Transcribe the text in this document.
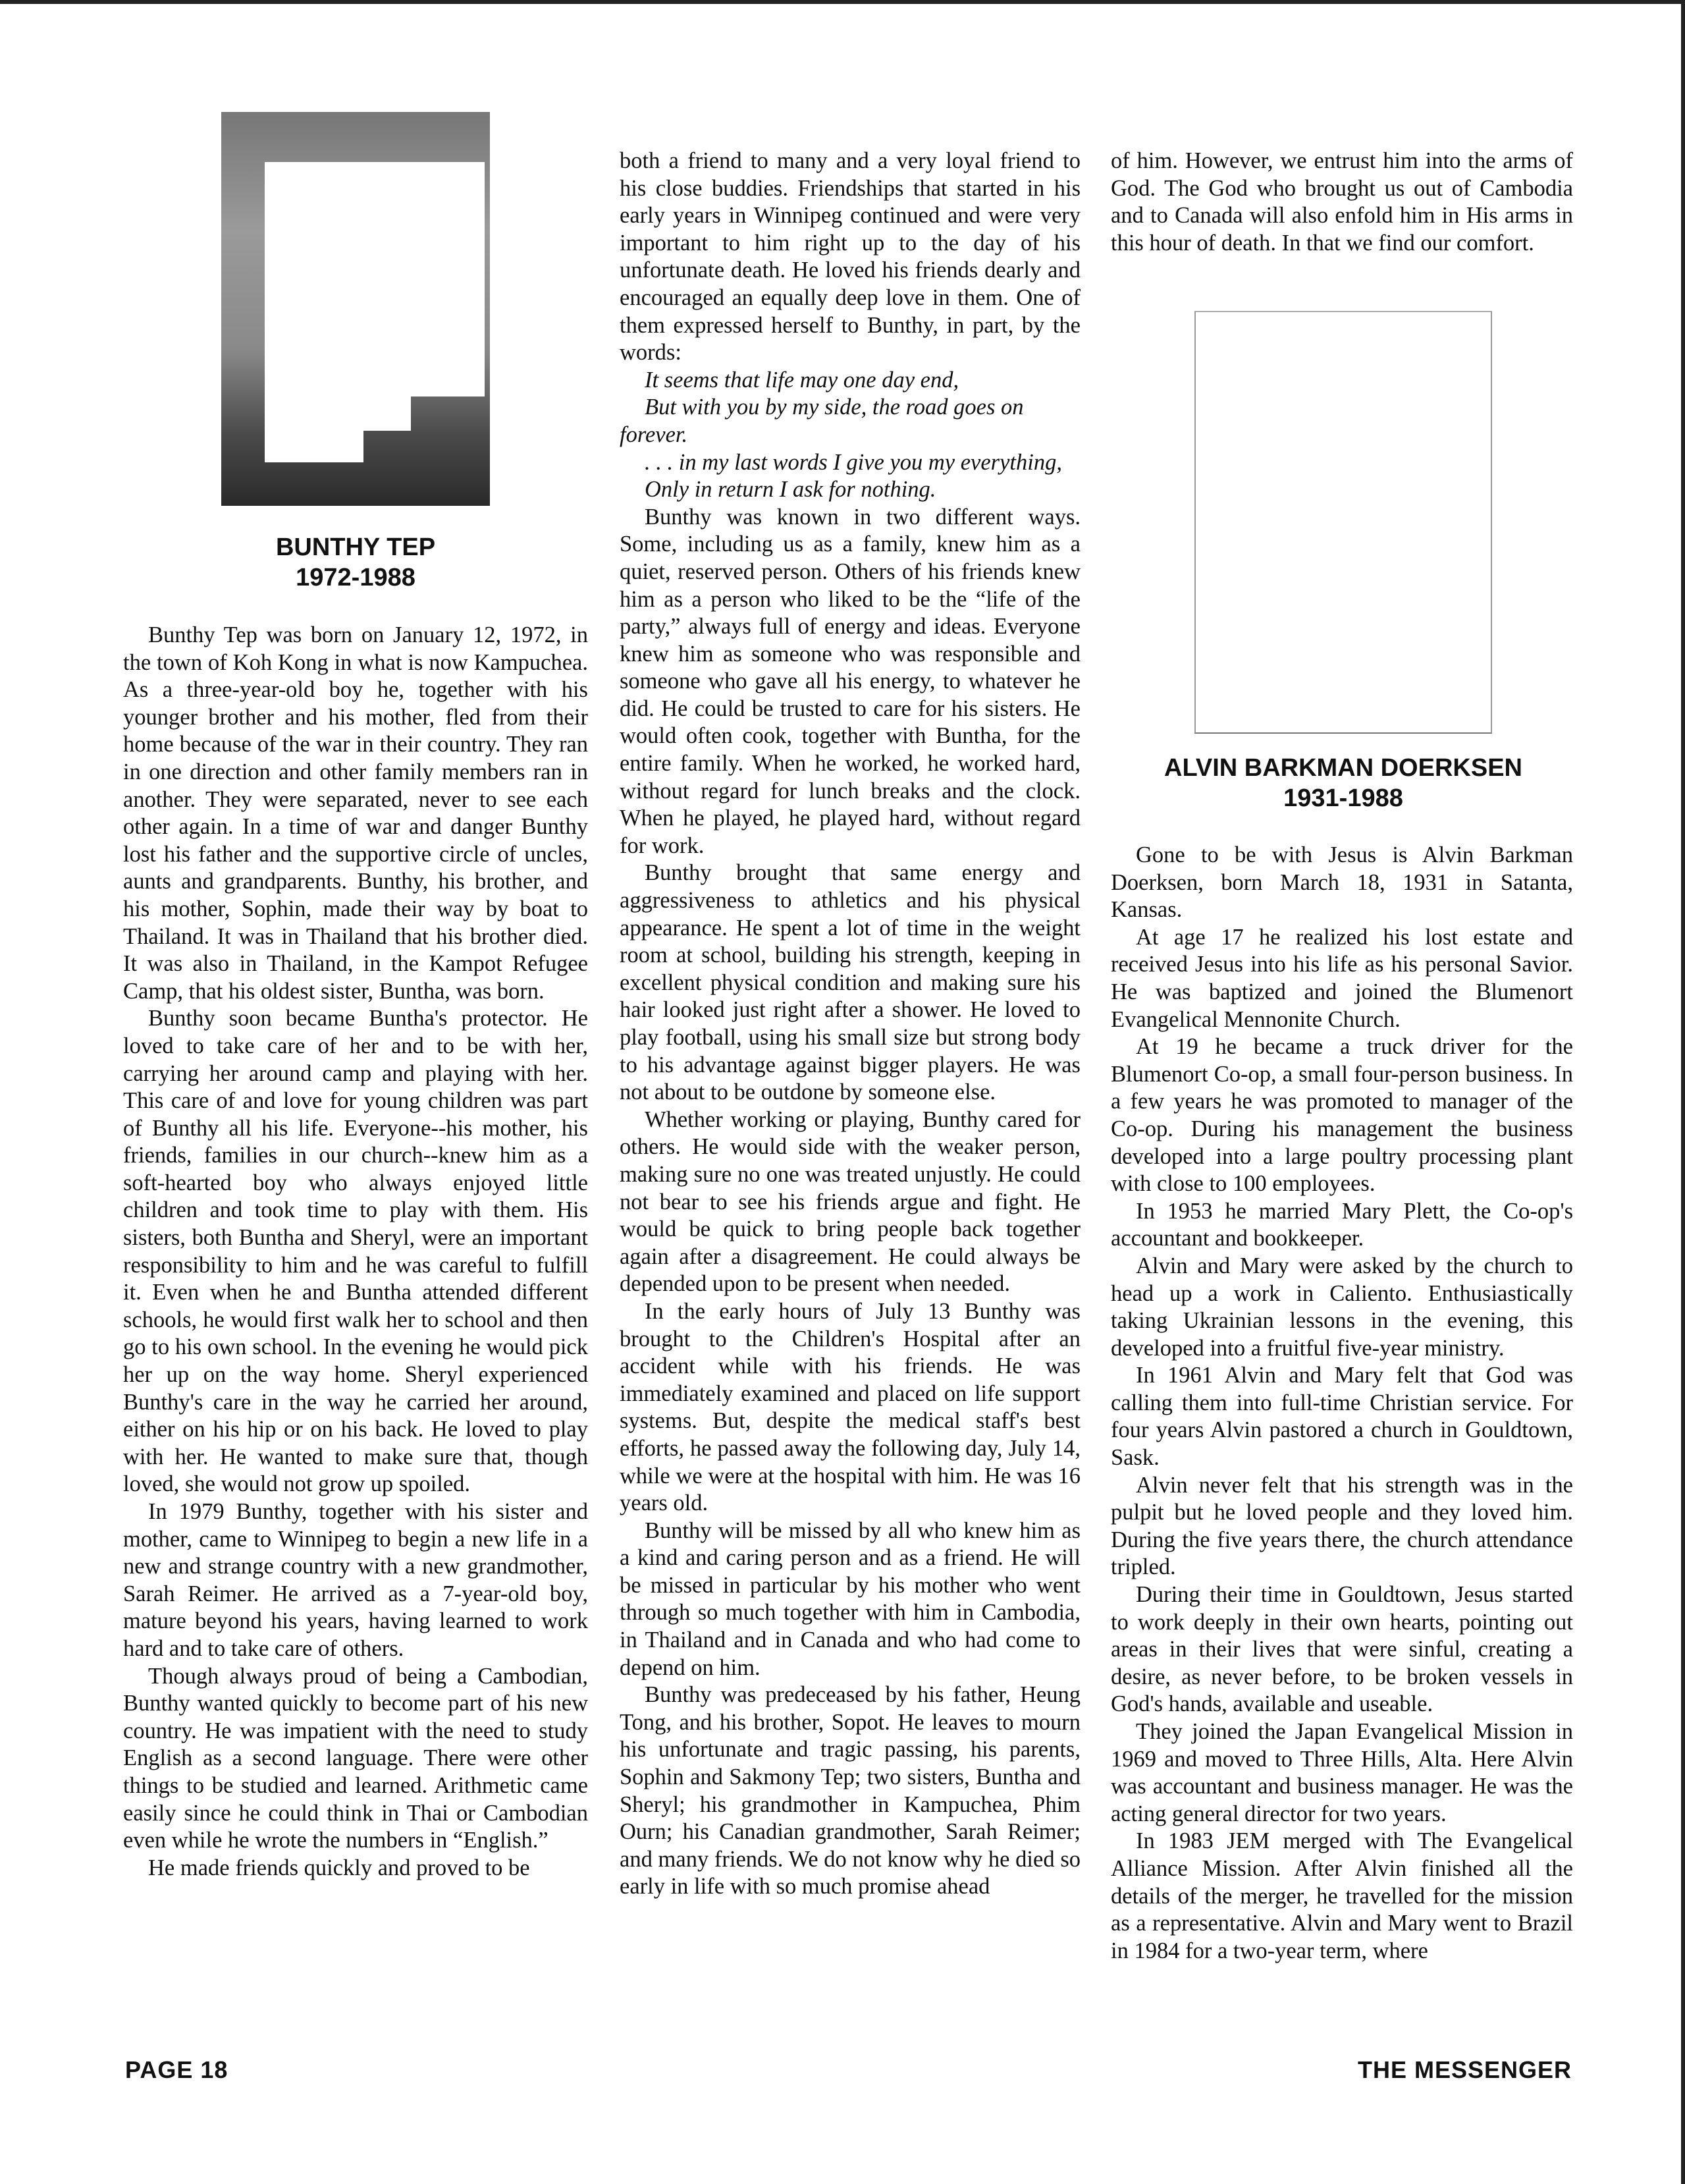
BUNTHY TEP
1972-1988

Bunthy Tep was born on January 12, 1972, in the town of Koh Kong in what is now Kampuchea. As a three-year-old boy he, together with his younger brother and his mother, fled from their home because of the war in their country. They ran in one direction and other family members ran in another. They were separated, never to see each other again. In a time of war and danger Bunthy lost his father and the supportive circle of uncles, aunts and grandparents. Bunthy, his brother, and his mother, Sophin, made their way by boat to Thailand. It was in Thailand that his brother died. It was also in Thailand, in the Kampot Refugee Camp, that his oldest sister, Buntha, was born.

Bunthy soon became Buntha's protector. He loved to take care of her and to be with her, carrying her around camp and playing with her. This care of and love for young children was part of Bunthy all his life. Everyone--his mother, his friends, families in our church--knew him as a soft-hearted boy who always enjoyed little children and took time to play with them. His sisters, both Buntha and Sheryl, were an important responsibility to him and he was careful to fulfill it. Even when he and Buntha attended different schools, he would first walk her to school and then go to his own school. In the evening he would pick her up on the way home. Sheryl experienced Bunthy's care in the way he carried her around, either on his hip or on his back. He loved to play with her. He wanted to make sure that, though loved, she would not grow up spoiled.

In 1979 Bunthy, together with his sister and mother, came to Winnipeg to begin a new life in a new and strange country with a new grandmother, Sarah Reimer. He arrived as a 7-year-old boy, mature beyond his years, having learned to work hard and to take care of others.

Though always proud of being a Cambodian, Bunthy wanted quickly to become part of his new country. He was impatient with the need to study English as a second language. There were other things to be studied and learned. Arithmetic came easily since he could think in Thai or Cambodian even while he wrote the numbers in “English.”

He made friends quickly and proved to be

both a friend to many and a very loyal friend to his close buddies. Friendships that started in his early years in Winnipeg continued and were very important to him right up to the day of his unfortunate death. He loved his friends dearly and encouraged an equally deep love in them. One of them expressed herself to Bunthy, in part, by the words:

It seems that life may one day end,

But with you by my side, the road goes on forever.

. . . in my last words I give you my everything,

Only in return I ask for nothing.

Bunthy was known in two different ways. Some, including us as a family, knew him as a quiet, reserved person. Others of his friends knew him as a person who liked to be the “life of the party,” always full of energy and ideas. Everyone knew him as someone who was responsible and someone who gave all his energy, to whatever he did. He could be trusted to care for his sisters. He would often cook, together with Buntha, for the entire family. When he worked, he worked hard, without regard for lunch breaks and the clock. When he played, he played hard, without regard for work.

Bunthy brought that same energy and aggressiveness to athletics and his physical appearance. He spent a lot of time in the weight room at school, building his strength, keeping in excellent physical condition and making sure his hair looked just right after a shower. He loved to play football, using his small size but strong body to his advantage against bigger players. He was not about to be outdone by someone else.

Whether working or playing, Bunthy cared for others. He would side with the weaker person, making sure no one was treated unjustly. He could not bear to see his friends argue and fight. He would be quick to bring people back together again after a disagreement. He could always be depended upon to be present when needed.

In the early hours of July 13 Bunthy was brought to the Children's Hospital after an accident while with his friends. He was immediately examined and placed on life support systems. But, despite the medical staff's best efforts, he passed away the following day, July 14, while we were at the hospital with him. He was 16 years old.

Bunthy will be missed by all who knew him as a kind and caring person and as a friend. He will be missed in particular by his mother who went through so much together with him in Cambodia, in Thailand and in Canada and who had come to depend on him.

Bunthy was predeceased by his father, Heung Tong, and his brother, Sopot. He leaves to mourn his unfortunate and tragic passing, his parents, Sophin and Sakmony Tep; two sisters, Buntha and Sheryl; his grandmother in Kampuchea, Phim Ourn; his Canadian grandmother, Sarah Reimer; and many friends. We do not know why he died so early in life with so much promise ahead

of him. However, we entrust him into the arms of God. The God who brought us out of Cambodia and to Canada will also enfold him in His arms in this hour of death. In that we find our comfort.

ALVIN BARKMAN DOERKSEN
1931-1988

Gone to be with Jesus is Alvin Barkman Doerksen, born March 18, 1931 in Satanta, Kansas.

At age 17 he realized his lost estate and received Jesus into his life as his personal Savior. He was baptized and joined the Blumenort Evangelical Mennonite Church.

At 19 he became a truck driver for the Blumenort Co-op, a small four-person business. In a few years he was promoted to manager of the Co-op. During his management the business developed into a large poultry processing plant with close to 100 employees.

In 1953 he married Mary Plett, the Co-op's accountant and bookkeeper.

Alvin and Mary were asked by the church to head up a work in Caliento. Enthusiastically taking Ukrainian lessons in the evening, this developed into a fruitful five-year ministry.

In 1961 Alvin and Mary felt that God was calling them into full-time Christian service. For four years Alvin pastored a church in Gouldtown, Sask.

Alvin never felt that his strength was in the pulpit but he loved people and they loved him. During the five years there, the church attendance tripled.

During their time in Gouldtown, Jesus started to work deeply in their own hearts, pointing out areas in their lives that were sinful, creating a desire, as never before, to be broken vessels in God's hands, available and useable.

They joined the Japan Evangelical Mission in 1969 and moved to Three Hills, Alta. Here Alvin was accountant and business manager. He was the acting general director for two years.

In 1983 JEM merged with The Evangelical Alliance Mission. After Alvin finished all the details of the merger, he travelled for the mission as a representative. Alvin and Mary went to Brazil in 1984 for a two-year term, where

PAGE 18	THE MESSENGER
